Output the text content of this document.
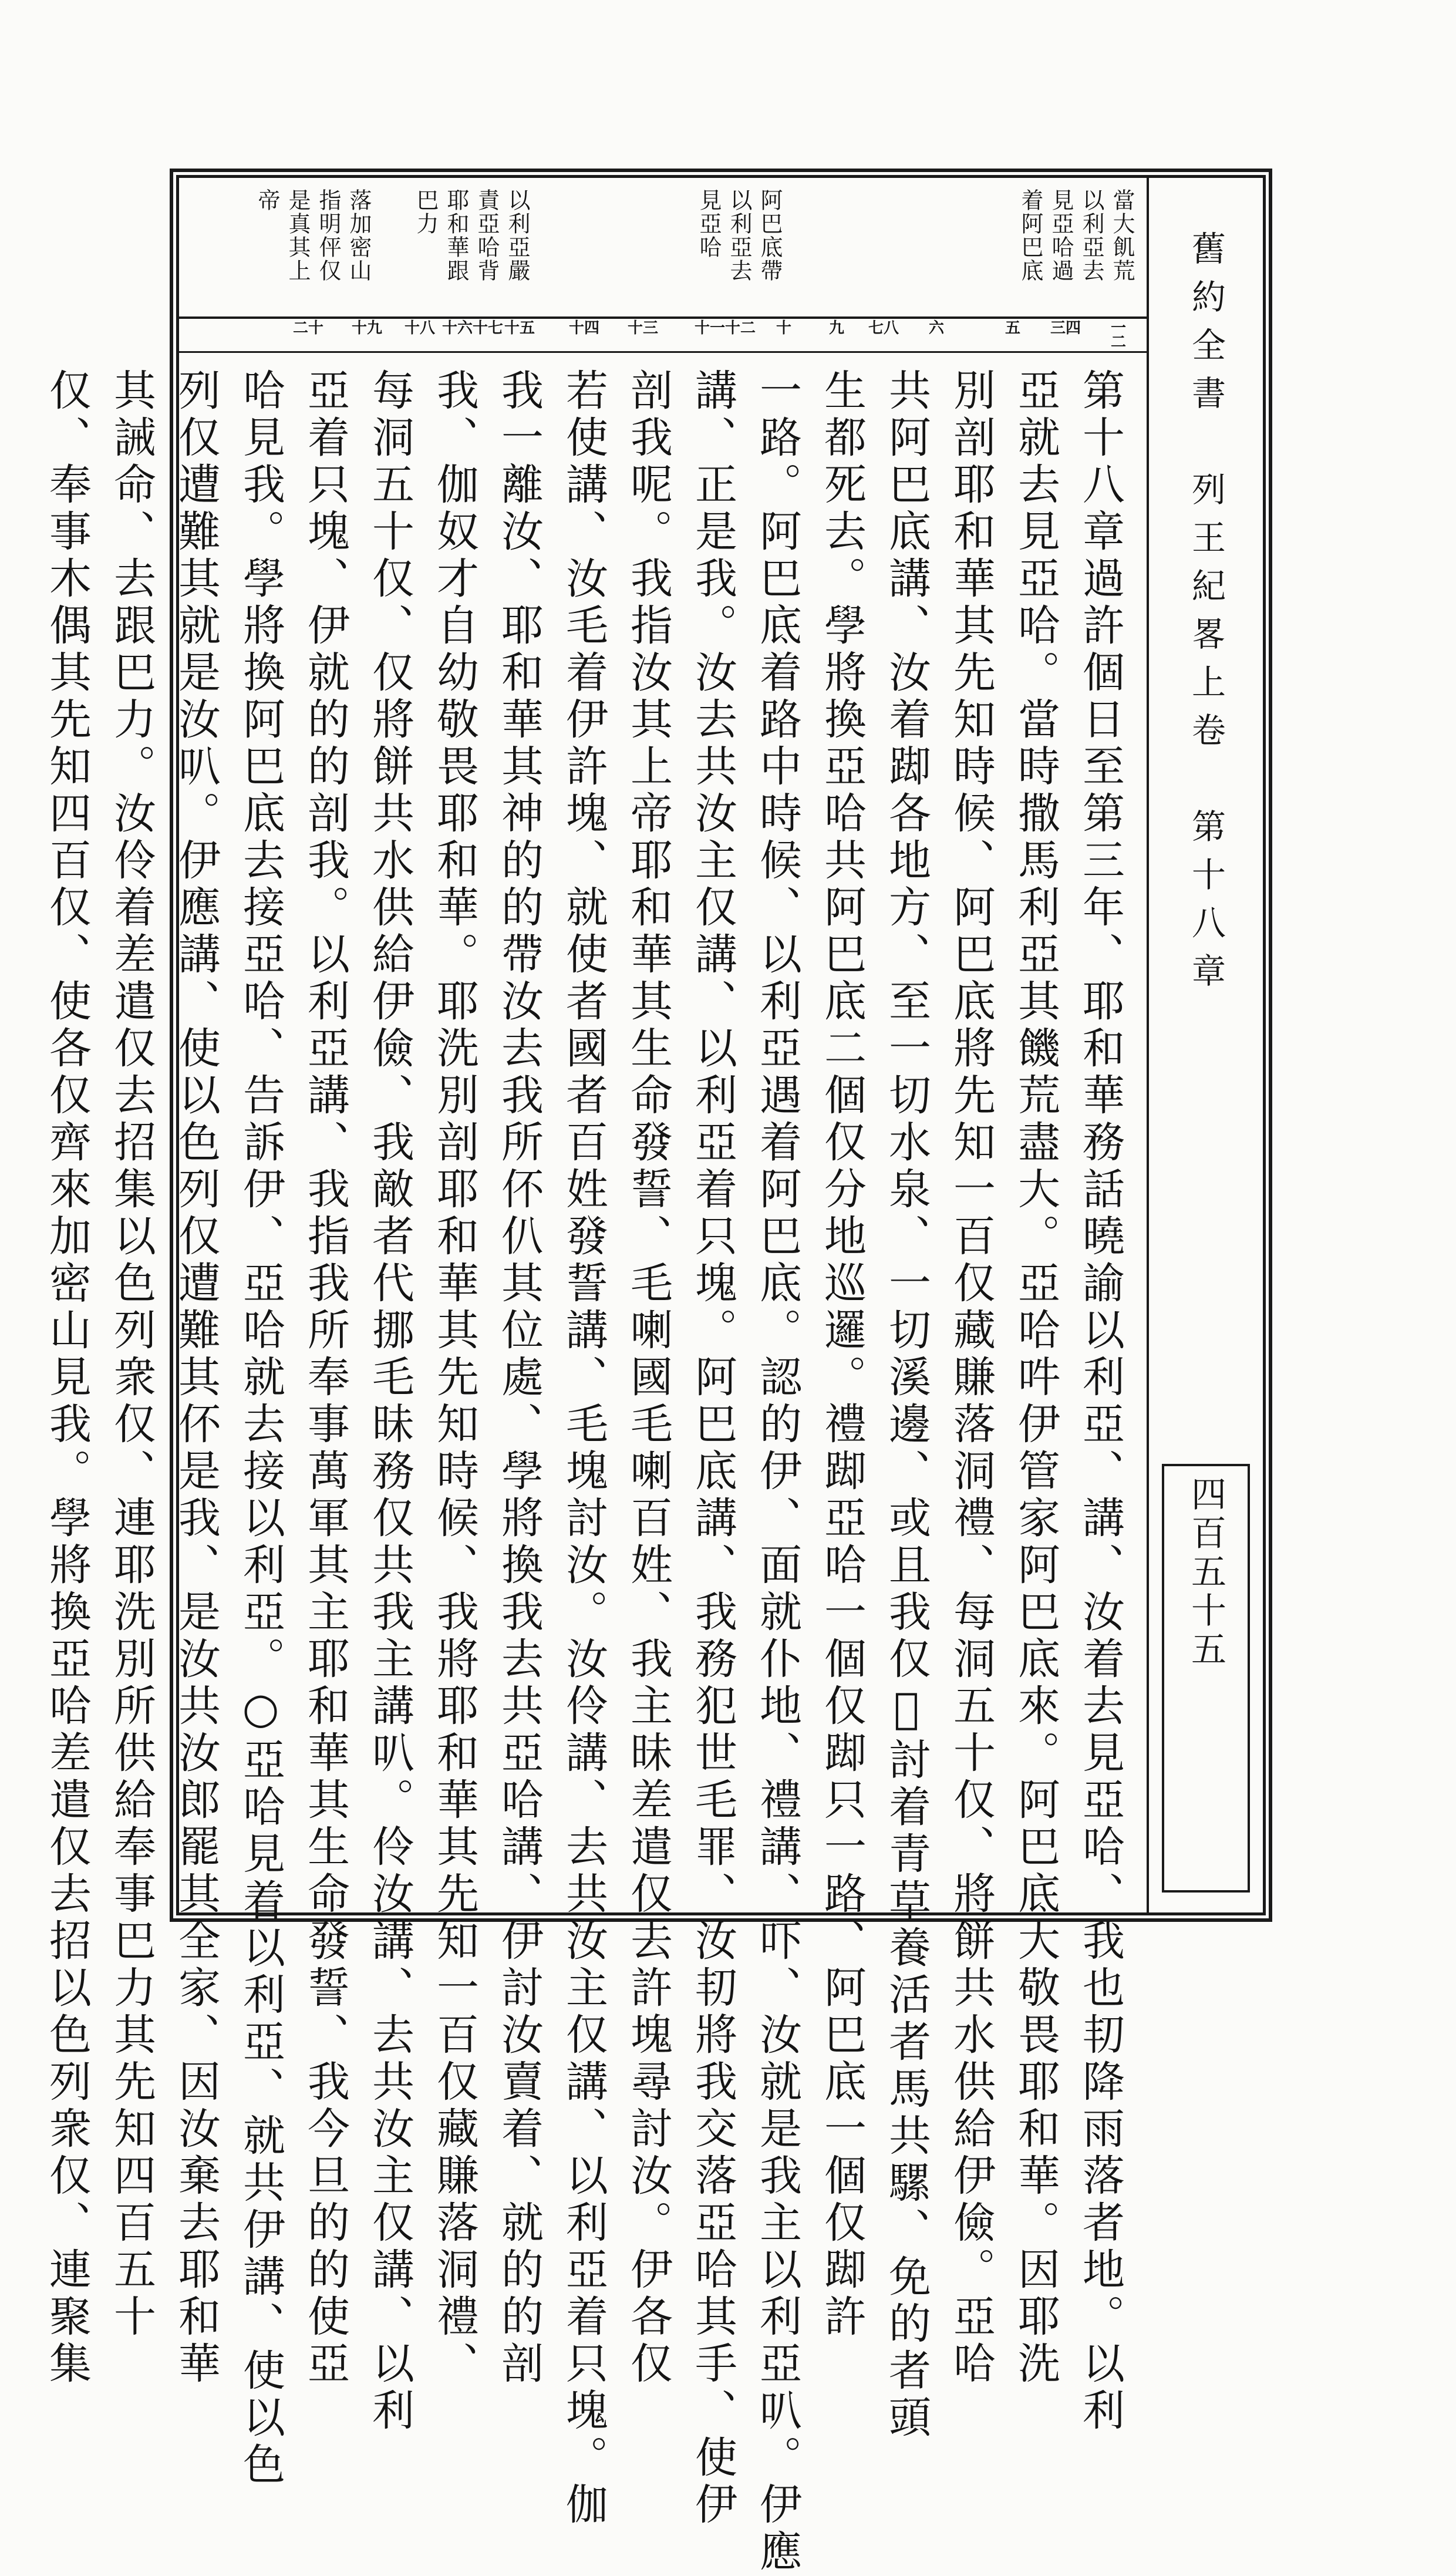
當大飢荒
以利亞去
見亞哈過
着阿巴底
阿巴底帶
以利亞去
見亞哈
以利亞嚴
責亞哈背
耶和華跟
巴力
落加密山
指明伻仅
是真其上
帝
一二
三四
五
六
七八
九
十
十一十二
十三
十四
十五
十六十七
十八
十九
二十
第十八章過許個日至第三年、耶和華務話曉諭以利亞、講、汝着去見亞哈、我也㓞降雨落者地。以利
亞就去見亞哈。當時撒馬利亞其饑荒盡大。亞哈吽伊管家阿巴底來。阿巴底大敬畏耶和華。因耶洗
別剖耶和華其先知時候、阿巴底將先知一百仅藏賺落洞禮、每洞五十仅、將餅共水供給伊儉。亞哈
共阿巴底講、汝着踋各地方、至一切水泉、一切溪邊、或且我仅𢘾討着青草養活者馬共騾、免的者頭
生都死去。學將換亞哈共阿巴底二個仅分地巡邏。禮踋亞哈一個仅踋只一路、阿巴底一個仅踋許
一路。阿巴底着路中時候、以利亞遇着阿巴底。認的伊、面就仆地、禮講、吓、汝就是我主以利亞叭。伊應
講、正是我。汝去共汝主仅講、以利亞着只塊。阿巴底講、我務犯世毛罪、汝㓞將我交落亞哈其手、使伊
剖我呢。我指汝其上帝耶和華其生命發誓、毛喇國毛喇百姓、我主昧差遣仅去許塊尋討汝。伊各仅
若使講、汝毛着伊許塊、就使者國者百姓發誓講、毛塊討汝。汝伶講、去共汝主仅講、以利亞着只塊。伽
我一離汝、耶和華其神的的帶汝去我所伓仈其位處、學將換我去共亞哈講、伊討汝賣着、就的的剖
我、伽奴才自幼敬畏耶和華。耶洗別剖耶和華其先知時候、我將耶和華其先知一百仅藏賺落洞禮、
每洞五十仅、仅將餅共水供給伊儉、我敵者代挪毛昧務仅共我主講叭。伶汝講、去共汝主仅講、以利
亞着只塊、伊就的的剖我。以利亞講、我指我所奉事萬軍其主耶和華其生命發誓、我今旦的的使亞
哈見我。學將換阿巴底去接亞哈、告訴伊、亞哈就去接以利亞。○亞哈見着以利亞、就共伊講、使以色
列仅遭難其就是汝叭。伊應講、使以色列仅遭難其伓是我、是汝共汝郎罷其全家、因汝棄去耶和華
其誡命、去跟巴力。汝伶着差遣仅去招集以色列衆仅、連耶洗別所供給奉事巴力其先知四百五十
仅、奉事木偶其先知四百仅、使各仅齊來加密山見我。學將換亞哈差遣仅去招以色列衆仅、連聚集	舊約全書　列王紀畧上卷　第十八章
四百五十五
